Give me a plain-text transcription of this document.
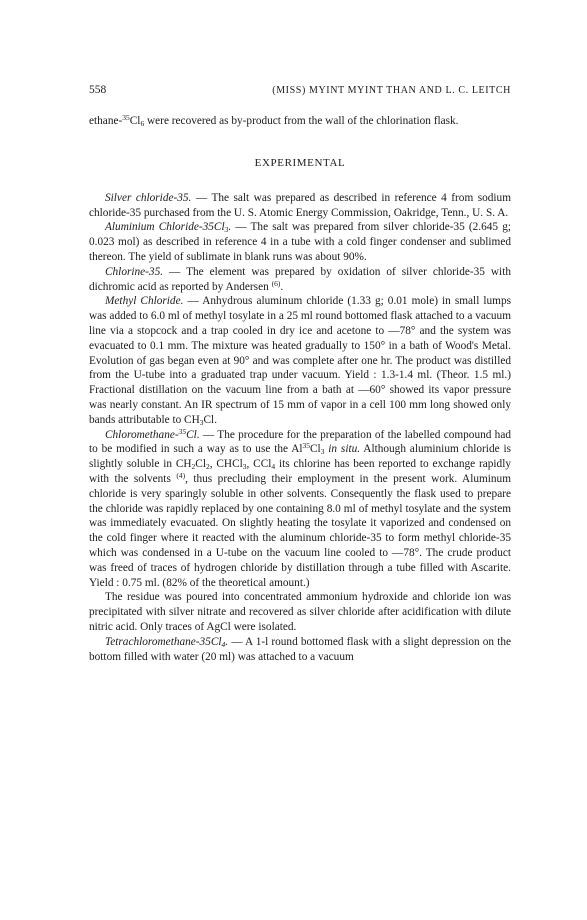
558	(MISS) MYINT MYINT THAN AND L. C. LEITCH

ethane-$^{35}Cl_6$ were recovered as by-product from the wall of the chlorination flask.

EXPERIMENTAL

Silver chloride-35. — The salt was prepared as described in reference 4 from sodium chloride-35 purchased from the U. S. Atomic Energy Commission, Oakridge, Tenn., U. S. A.

Aluminium Chloride-$35Cl_3$. — The salt was prepared from silver chloride-35 (2.645 g; 0.023 mol) as described in reference 4 in a tube with a cold finger condenser and sublimed thereon. The yield of sublimate in blank runs was about 90%.

Chlorine-35. — The element was prepared by oxidation of silver chloride-35 with dichromic acid as reported by Andersen $^{(6)}$.

Methyl Chloride. — Anhydrous aluminum chloride (1.33 g; 0.01 mole) in small lumps was added to 6.0 ml of methyl tosylate in a 25 ml round bottomed flask attached to a vacuum line via a stopcock and a trap cooled in dry ice and acetone to —78° and the system was evacuated to 0.1 mm. The mixture was heated gradually to 150° in a bath of Wood's Metal. Evolution of gas began even at 90° and was complete after one hr. The product was distilled from the U-tube into a graduated trap under vacuum. Yield : 1.3-1.4 ml. (Theor. 1.5 ml.) Fractional distillation on the vacuum line from a bath at —60° showed its vapor pressure was nearly constant. An IR spectrum of 15 mm of vapor in a cell 100 mm long showed only bands attributable to $CH_3Cl$.

Chloromethane-$^{35}$Cl. — The procedure for the preparation of the labelled compound had to be modified in such a way as to use the $Al^{35}Cl_3$ in situ. Although aluminium chloride is slightly soluble in $CH_2Cl_2$, CHCl$_3$, CCl$_4$ its chlorine has been reported to exchange rapidly with the solvents $^{(4)}$, thus precluding their employment in the present work. Aluminum chloride is very sparingly soluble in other solvents. Consequently the flask used to prepare the chloride was rapidly replaced by one containing 8.0 ml of methyl tosylate and the system was immediately evacuated. On slightly heating the tosylate it vaporized and condensed on the cold finger where it reacted with the aluminum chloride-35 to form methyl chloride-35 which was condensed in a U-tube on the vacuum line cooled to —78°. The crude product was freed of traces of hydrogen chloride by distillation through a tube filled with Ascarite. Yield : 0.75 ml. (82% of the theoretical amount.)

The residue was poured into concentrated ammonium hydroxide and chloride ion was precipitated with silver nitrate and recovered as silver chloride after acidification with dilute nitric acid. Only traces of AgCl were isolated.

Tetrachloromethane-$35Cl_4$. — A 1-l round bottomed flask with a slight depression on the bottom filled with water (20 ml) was attached to a vacuum
